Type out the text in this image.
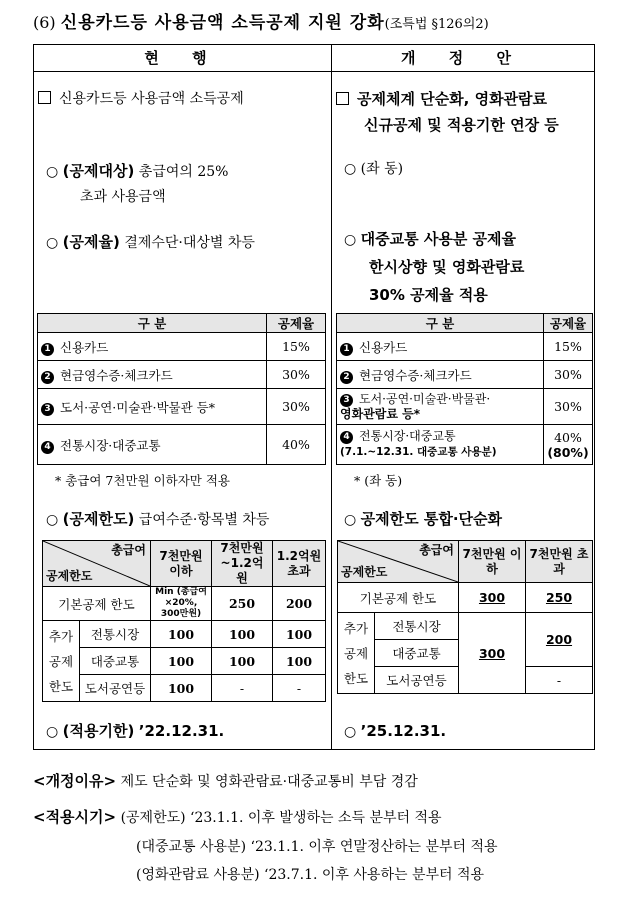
(6) 신용카드등 사용금액 소득공제 지원 강화(조특법 §126의2)
현 행	개 정 안
신용카드등 사용금액 소득공제
○ (공제대상) 총급여의 25%
초과 사용금액
○ (공제율) 결제수단·대상별 차등
구 분	공제율
1 신용카드	15%
2 현금영수증·체크카드	30%
3 도서·공연·미술관·박물관 등*	30%
4 전통시장·대중교통	40%
* 총급여 7천만원 이하자만 적용
○ (공제한도) 급여수준·항목별 차등
총급여
공제한도		7천만원 이하	7천만원 ~1.2억원	1.2억원 초과
기본공제 한도		Min (총급여 ×20%, 300만원)	250	200
추가 공제 한도	전통시장	100	100	100
	대중교통	100	100	100
	도서공연등	100	-	-
○ (적용기한) ’22.12.31.
공제체계 단순화, 영화관람료
신규공제 및 적용기한 연장 등
○ (좌 동)
○ 대중교통 사용분 공제율
한시상향 및 영화관람료
30% 공제율 적용
구 분	공제율
1 신용카드	15%
2 현금영수증·체크카드	30%
3 도서·공연·미술관·박물관·
영화관람료 등*	30%
4 전통시장·대중교통
(7.1.~12.31. 대중교통 사용분)	40%
(80%)
* (좌 동)
○ 공제한도 통합·단순화
총급여
공제한도		7천만원 이하	7천만원 초과
기본공제 한도		300	250
추가 공제 한도	전통시장	300	200
	대중교통		
	도서공연등		-
○ ’25.12.31.
<개정이유> 제도 단순화 및 영화관람료·대중교통비 부담 경감
<적용시기> (공제한도) ‘23.1.1. 이후 발생하는 소득 분부터 적용
(대중교통 사용분) ‘23.1.1. 이후 연말정산하는 분부터 적용
(영화관람료 사용분) ‘23.7.1. 이후 사용하는 분부터 적용
